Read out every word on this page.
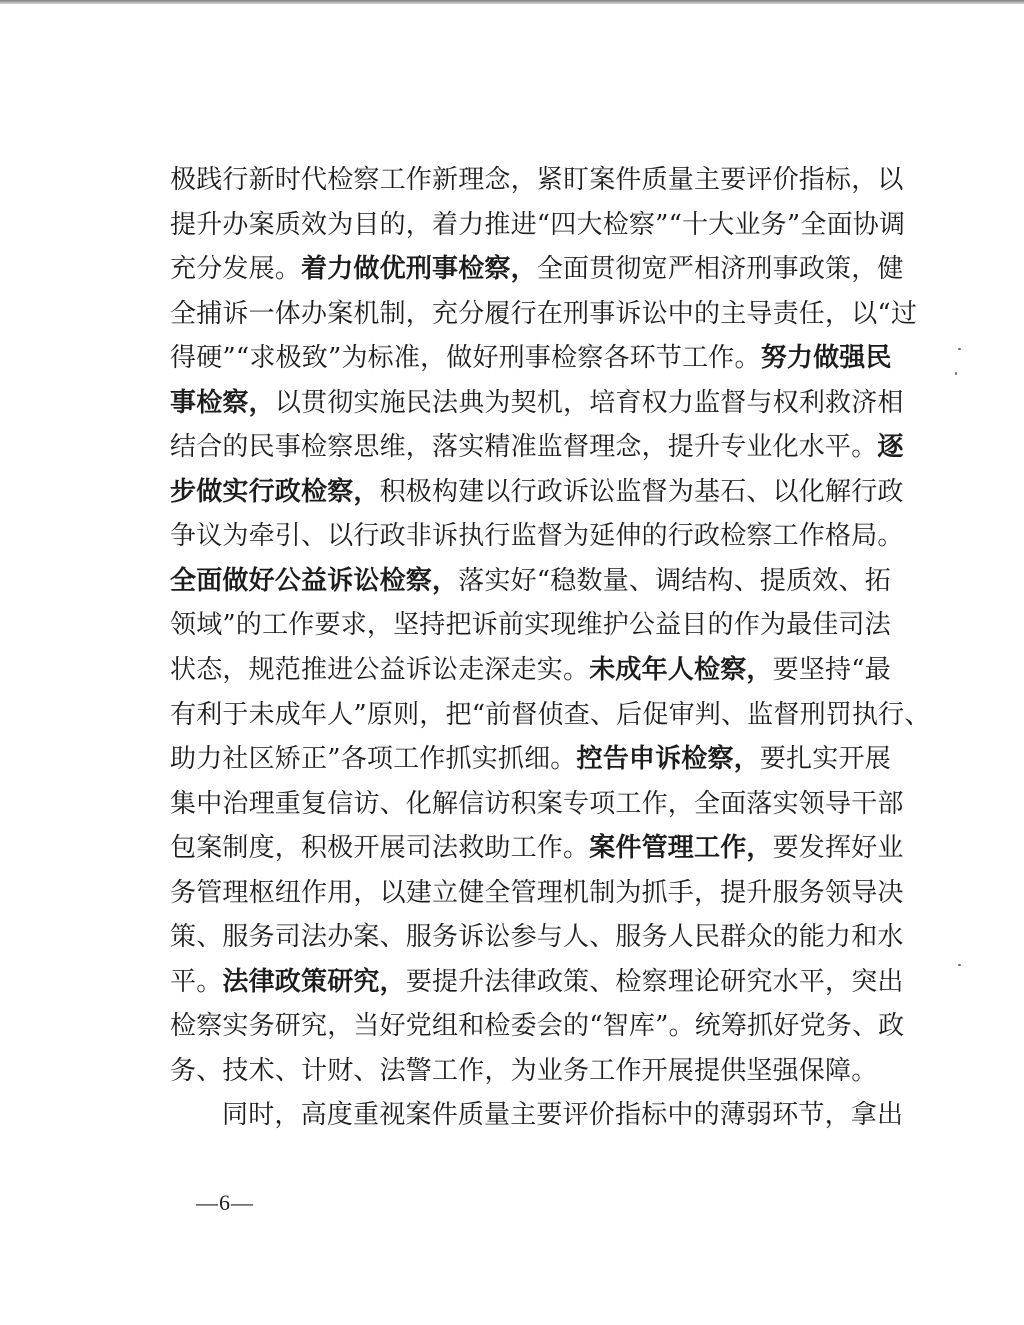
极践行新时代检察工作新理念，紧盯案件质量主要评价指标，以
提升办案质效为目的，着力推进“四大检察”“十大业务”全面协调
充分发展。着力做优刑事检察，全面贯彻宽严相济刑事政策，健
全捕诉一体办案机制，充分履行在刑事诉讼中的主导责任，以“过
得硬”“求极致”为标准，做好刑事检察各环节工作。努力做强民
事检察，以贯彻实施民法典为契机，培育权力监督与权利救济相
结合的民事检察思维，落实精准监督理念，提升专业化水平。逐
步做实行政检察，积极构建以行政诉讼监督为基石、以化解行政
争议为牵引、以行政非诉执行监督为延伸的行政检察工作格局。
全面做好公益诉讼检察，落实好“稳数量、调结构、提质效、拓
领域”的工作要求，坚持把诉前实现维护公益目的作为最佳司法
状态，规范推进公益诉讼走深走实。未成年人检察，要坚持“最
有利于未成年人”原则，把“前督侦查、后促审判、监督刑罚执行、
助力社区矫正”各项工作抓实抓细。控告申诉检察，要扎实开展
集中治理重复信访、化解信访积案专项工作，全面落实领导干部
包案制度，积极开展司法救助工作。案件管理工作，要发挥好业
务管理枢纽作用，以建立健全管理机制为抓手，提升服务领导决
策、服务司法办案、服务诉讼参与人、服务人民群众的能力和水
平。法律政策研究，要提升法律政策、检察理论研究水平，突出
检察实务研究，当好党组和检委会的“智库”。统筹抓好党务、政
务、技术、计财、法警工作，为业务工作开展提供坚强保障。
同时，高度重视案件质量主要评价指标中的薄弱环节，拿出
—6—
